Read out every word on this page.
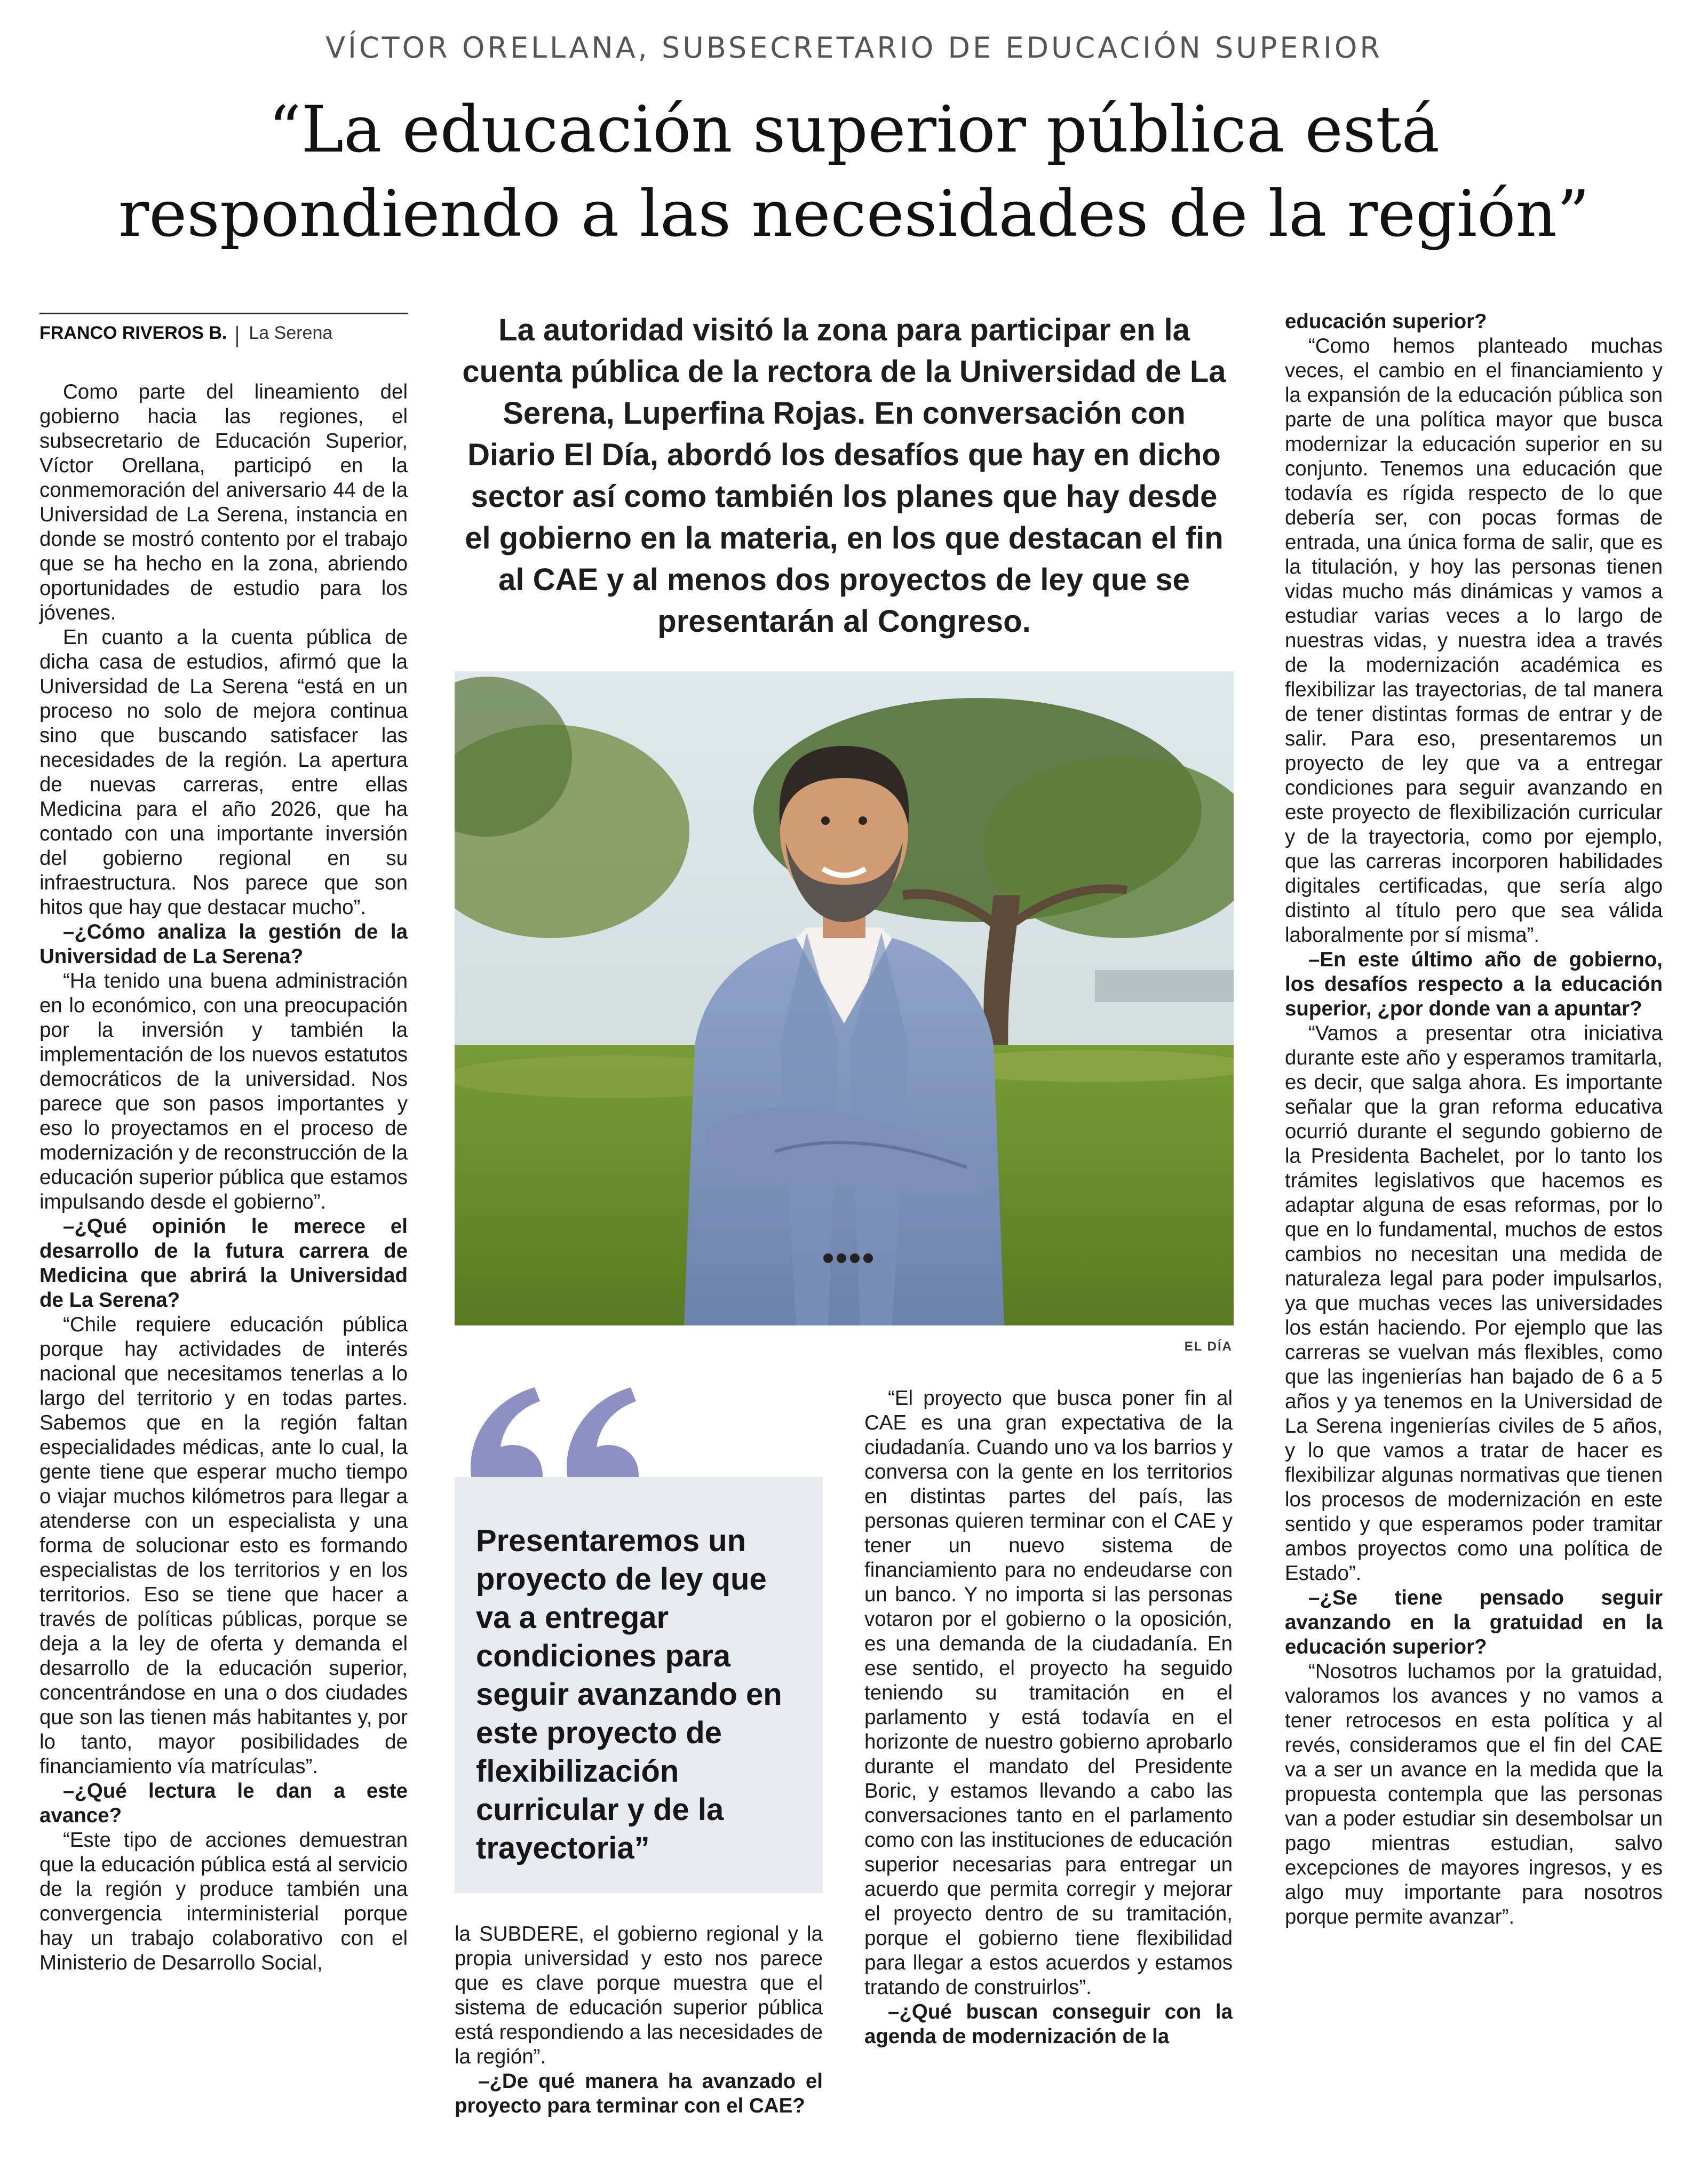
VÍCTOR ORELLANA, SUBSECRETARIO DE EDUCACIÓN SUPERIOR
“La educación superior pública está
respondiendo a las necesidades de la región”
FRANCO RIVEROS B. La Serena

Como parte del lineamiento del gobierno hacia las regiones, el subsecretario de Educación Superior, Víctor Orellana, participó en la conmemoración del aniversario 44 de la Universidad de La Serena, instancia en donde se mostró contento por el trabajo que se ha hecho en la zona, abriendo oportunidades de estudio para los jóvenes.

En cuanto a la cuenta pública de dicha casa de estudios, afirmó que la Universidad de La Serena “está en un proceso no solo de mejora continua sino que buscando satisfacer las necesidades de la región. La apertura de nuevas carreras, entre ellas Medicina para el año 2026, que ha contado con una importante inversión del gobierno regional en su infraestructura. Nos parece que son hitos que hay que destacar mucho”.

–¿Cómo analiza la gestión de la Universidad de La Serena?

“Ha tenido una buena administración en lo económico, con una preocupación por la inversión y también la implementación de los nuevos estatutos democráticos de la universidad. Nos parece que son pasos importantes y eso lo proyectamos en el proceso de modernización y de reconstrucción de la educación superior pública que estamos impulsando desde el gobierno”.

–¿Qué opinión le merece el desarrollo de la futura carrera de Medicina que abrirá la Universidad de La Serena?

“Chile requiere educación pública porque hay actividades de interés nacional que necesitamos tenerlas a lo largo del territorio y en todas partes. Sabemos que en la región faltan especialidades médicas, ante lo cual, la gente tiene que esperar mucho tiempo o viajar muchos kilómetros para llegar a atenderse con un especialista y una forma de solucionar esto es formando especialistas de los territorios y en los territorios. Eso se tiene que hacer a través de políticas públicas, porque se deja a la ley de oferta y demanda el desarrollo de la educación superior, concentrándose en una o dos ciudades que son las tienen más habitantes y, por lo tanto, mayor posibilidades de financiamiento vía matrículas”.

–¿Qué lectura le dan a este avance?

“Este tipo de acciones demuestran que la educación pública está al servicio de la región y produce también una convergencia interministerial porque hay un trabajo colaborativo con el Ministerio de Desarrollo Social,

La autoridad visitó la zona para participar en la cuenta pública de la rectora de la Universidad de La Serena, Luperfina Rojas. En conversación con Diario El Día, abordó los desafíos que hay en dicho sector así como también los planes que hay desde el gobierno en la materia, en los que destacan el fin al CAE y al menos dos proyectos de ley que se presentarán al Congreso.
EL DÍA
Presentaremos un proyecto de ley que va a entregar condiciones para seguir avanzando en este proyecto de flexibilización curricular y de la trayectoria”

la SUBDERE, el gobierno regional y la propia universidad y esto nos parece que es clave porque muestra que el sistema de educación superior pública está respondiendo a las necesidades de la región”.

–¿De qué manera ha avanzado el proyecto para terminar con el CAE?

“El proyecto que busca poner fin al CAE es una gran expectativa de la ciudadanía. Cuando uno va los barrios y conversa con la gente en los territorios en distintas partes del país, las personas quieren terminar con el CAE y tener un nuevo sistema de financiamiento para no endeudarse con un banco. Y no importa si las personas votaron por el gobierno o la oposición, es una demanda de la ciudadanía. En ese sentido, el proyecto ha seguido teniendo su tramitación en el parlamento y está todavía en el horizonte de nuestro gobierno aprobarlo durante el mandato del Presidente Boric, y estamos llevando a cabo las conversaciones tanto en el parlamento como con las instituciones de educación superior necesarias para entregar un acuerdo que permita corregir y mejorar el proyecto dentro de su tramitación, porque el gobierno tiene flexibilidad para llegar a estos acuerdos y estamos tratando de construirlos”.

–¿Qué buscan conseguir con la agenda de modernización de la

educación superior?

“Como hemos planteado muchas veces, el cambio en el financiamiento y la expansión de la educación pública son parte de una política mayor que busca modernizar la educación superior en su conjunto. Tenemos una educación que todavía es rígida respecto de lo que debería ser, con pocas formas de entrada, una única forma de salir, que es la titulación, y hoy las personas tienen vidas mucho más dinámicas y vamos a estudiar varias veces a lo largo de nuestras vidas, y nuestra idea a través de la modernización académica es flexibilizar las trayectorias, de tal manera de tener distintas formas de entrar y de salir. Para eso, presentaremos un proyecto de ley que va a entregar condiciones para seguir avanzando en este proyecto de flexibilización curricular y de la trayectoria, como por ejemplo, que las carreras incorporen habilidades digitales certificadas, que sería algo distinto al título pero que sea válida laboralmente por sí misma”.

–En este último año de gobierno, los desafíos respecto a la educación superior, ¿por donde van a apuntar?

“Vamos a presentar otra iniciativa durante este año y esperamos tramitarla, es decir, que salga ahora. Es importante señalar que la gran reforma educativa ocurrió durante el segundo gobierno de la Presidenta Bachelet, por lo tanto los trámites legislativos que hacemos es adaptar alguna de esas reformas, por lo que en lo fundamental, muchos de estos cambios no necesitan una medida de naturaleza legal para poder impulsarlos, ya que muchas veces las universidades los están haciendo. Por ejemplo que las carreras se vuelvan más flexibles, como que las ingenierías han bajado de 6 a 5 años y ya tenemos en la Universidad de La Serena ingenierías civiles de 5 años, y lo que vamos a tratar de hacer es flexibilizar algunas normativas que tienen los procesos de modernización en este sentido y que esperamos poder tramitar ambos proyectos como una política de Estado”.

–¿Se tiene pensado seguir avanzando en la gratuidad en la educación superior?

“Nosotros luchamos por la gratuidad, valoramos los avances y no vamos a tener retrocesos en esta política y al revés, consideramos que el fin del CAE va a ser un avance en la medida que la propuesta contempla que las personas van a poder estudiar sin desembolsar un pago mientras estudian, salvo excepciones de mayores ingresos, y es algo muy importante para nosotros porque permite avanzar”.
